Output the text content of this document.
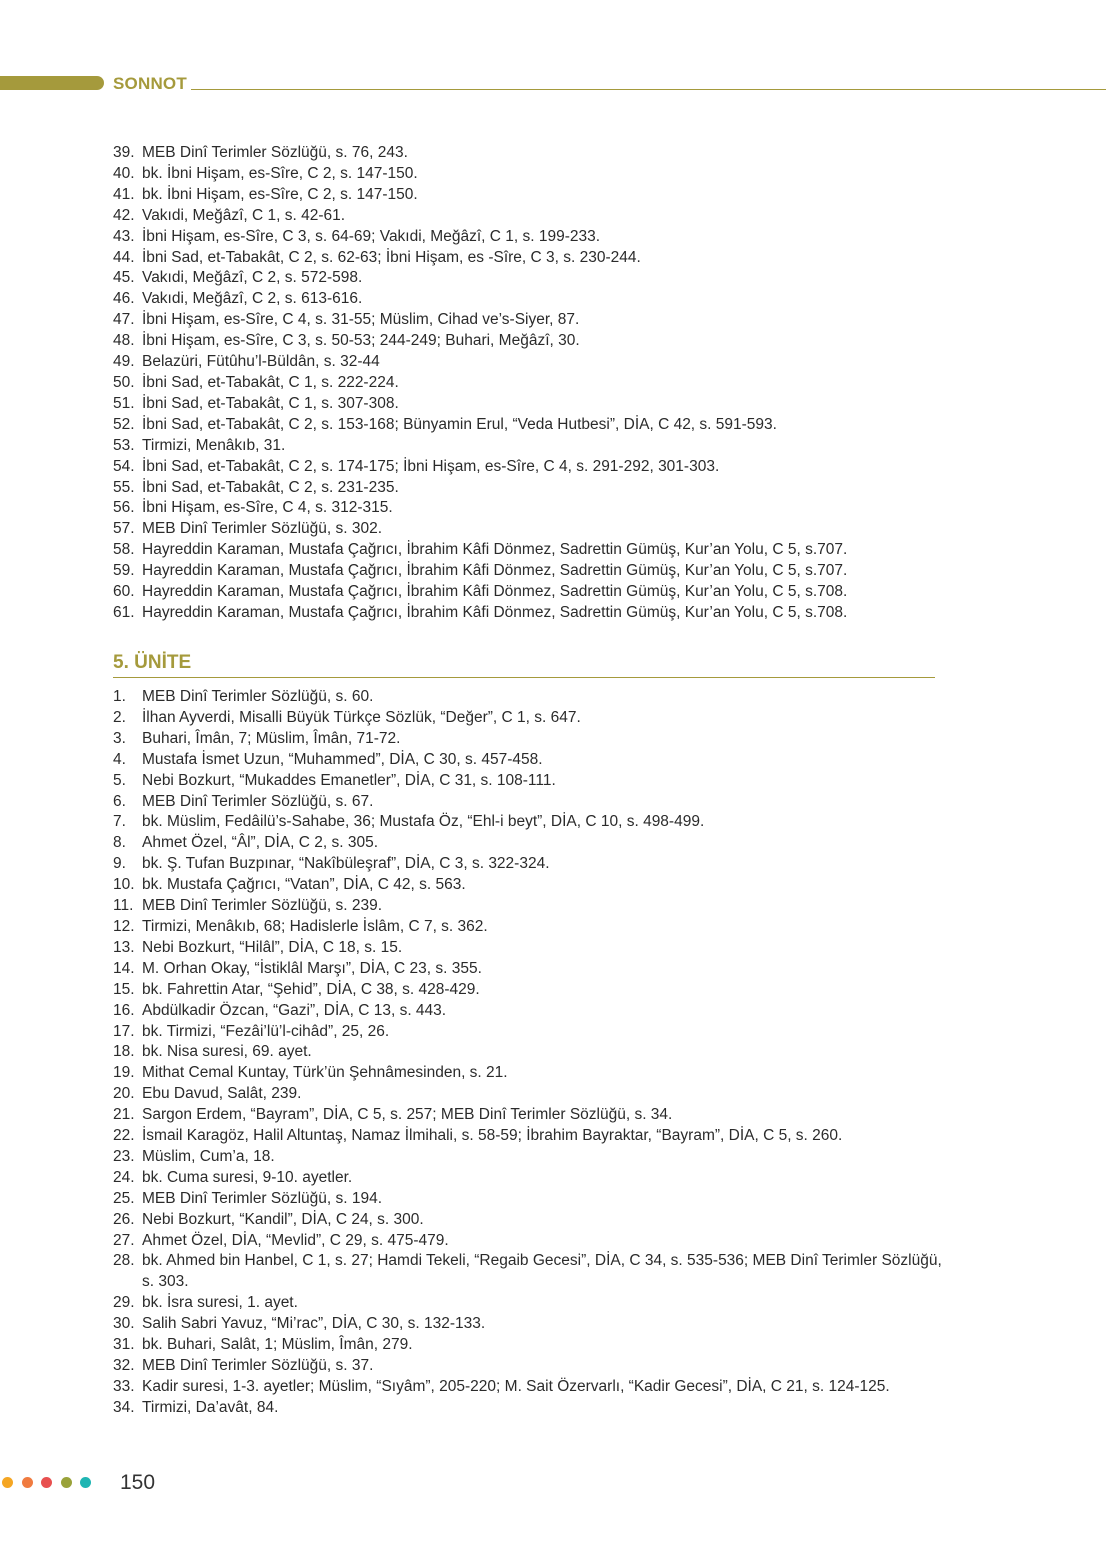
SONNOT
39. MEB Dinî Terimler Sözlüğü, s. 76, 243.
40. bk. İbni Hişam, es-Sîre, C 2, s. 147-150.
41. bk. İbni Hişam, es-Sîre, C 2, s. 147-150.
42. Vakıdi, Meğâzî, C 1, s. 42-61.
43. İbni Hişam, es-Sîre, C 3, s. 64-69; Vakıdi, Meğâzî, C 1, s. 199-233.
44. İbni Sad, et-Tabakât, C 2, s. 62-63; İbni Hişam, es -Sîre, C 3, s. 230-244.
45. Vakıdi, Meğâzî, C 2, s. 572-598.
46. Vakıdi, Meğâzî, C 2, s. 613-616.
47. İbni Hişam, es-Sîre, C 4, s. 31-55; Müslim, Cihad ve’s-Siyer, 87.
48. İbni Hişam, es-Sîre, C 3, s. 50-53; 244-249; Buhari, Meğâzî, 30.
49. Belazüri, Fütûhu’l-Büldân, s. 32-44
50. İbni Sad, et-Tabakât, C 1, s. 222-224.
51. İbni Sad, et-Tabakât, C 1, s. 307-308.
52. İbni Sad, et-Tabakât, C 2, s. 153-168; Bünyamin Erul, “Veda Hutbesi”, DİA, C 42, s. 591-593.
53. Tirmizi, Menâkıb, 31.
54. İbni Sad, et-Tabakât, C 2, s. 174-175; İbni Hişam, es-Sîre, C 4, s. 291-292, 301-303.
55. İbni Sad, et-Tabakât, C 2, s. 231-235.
56. İbni Hişam, es-Sîre, C 4, s. 312-315.
57. MEB Dinî Terimler Sözlüğü, s. 302.
58. Hayreddin Karaman, Mustafa Çağrıcı, İbrahim Kâfi Dönmez, Sadrettin Gümüş, Kur’an Yolu, C 5, s.707.
59. Hayreddin Karaman, Mustafa Çağrıcı, İbrahim Kâfi Dönmez, Sadrettin Gümüş, Kur’an Yolu, C 5, s.707.
60. Hayreddin Karaman, Mustafa Çağrıcı, İbrahim Kâfi Dönmez, Sadrettin Gümüş, Kur’an Yolu, C 5, s.708.
61. Hayreddin Karaman, Mustafa Çağrıcı, İbrahim Kâfi Dönmez, Sadrettin Gümüş, Kur’an Yolu, C 5, s.708.
5. ÜNİTE
1. MEB Dinî Terimler Sözlüğü, s. 60.
2. İlhan Ayverdi, Misalli Büyük Türkçe Sözlük, “Değer”, C 1, s. 647.
3. Buhari, Îmân, 7; Müslim, Îmân, 71-72.
4. Mustafa İsmet Uzun, “Muhammed”, DİA, C 30, s. 457-458.
5. Nebi Bozkurt, “Mukaddes Emanetler”, DİA, C 31, s. 108-111.
6. MEB Dinî Terimler Sözlüğü, s. 67.
7. bk. Müslim, Fedâilü’s-Sahabe, 36; Mustafa Öz, “Ehl-i beyt”, DİA, C 10, s. 498-499.
8. Ahmet Özel, “Âl”, DİA, C 2, s. 305.
9. bk. Ş. Tufan Buzpınar, “Nakîbüleşraf”, DİA, C 3, s. 322-324.
10. bk. Mustafa Çağrıcı, “Vatan”, DİA, C 42, s. 563.
11. MEB Dinî Terimler Sözlüğü, s. 239.
12. Tirmizi, Menâkıb, 68; Hadislerle İslâm, C 7, s. 362.
13. Nebi Bozkurt, “Hilâl”, DİA, C 18, s. 15.
14. M. Orhan Okay, “İstiklâl Marşı”, DİA, C 23, s. 355.
15. bk. Fahrettin Atar, “Şehid”, DİA, C 38, s. 428-429.
16. Abdülkadir Özcan, “Gazi”, DİA, C 13, s. 443.
17. bk. Tirmizi, “Fezâi’lü’l-cihâd”, 25, 26.
18. bk. Nisa suresi, 69. ayet.
19. Mithat Cemal Kuntay, Türk’ün Şehnâmesinden, s. 21.
20. Ebu Davud, Salât, 239.
21. Sargon Erdem, “Bayram”, DİA, C 5, s. 257; MEB Dinî Terimler Sözlüğü, s. 34.
22. İsmail Karagöz, Halil Altuntaş, Namaz İlmihali, s. 58-59; İbrahim Bayraktar, “Bayram”, DİA, C 5, s. 260.
23. Müslim, Cum’a, 18.
24. bk. Cuma suresi, 9-10. ayetler.
25. MEB Dinî Terimler Sözlüğü, s. 194.
26. Nebi Bozkurt, “Kandil”, DİA, C 24, s. 300.
27. Ahmet Özel, DİA, “Mevlid”, C 29, s. 475-479.
28. bk. Ahmed bin Hanbel, C 1, s. 27; Hamdi Tekeli, “Regaib Gecesi”, DİA, C 34, s. 535-536; MEB Dinî Terimler Sözlüğü, s. 303.
29. bk. İsra suresi, 1. ayet.
30. Salih Sabri Yavuz, “Mi’rac”, DİA, C 30, s. 132-133.
31. bk. Buhari, Salât, 1; Müslim, Îmân, 279.
32. MEB Dinî Terimler Sözlüğü, s. 37.
33. Kadir suresi, 1-3. ayetler; Müslim, “Sıyâm”, 205-220; M. Sait Özervarlı, “Kadir Gecesi”, DİA, C 21, s. 124-125.
34. Tirmizi, Da’avât, 84.
150
